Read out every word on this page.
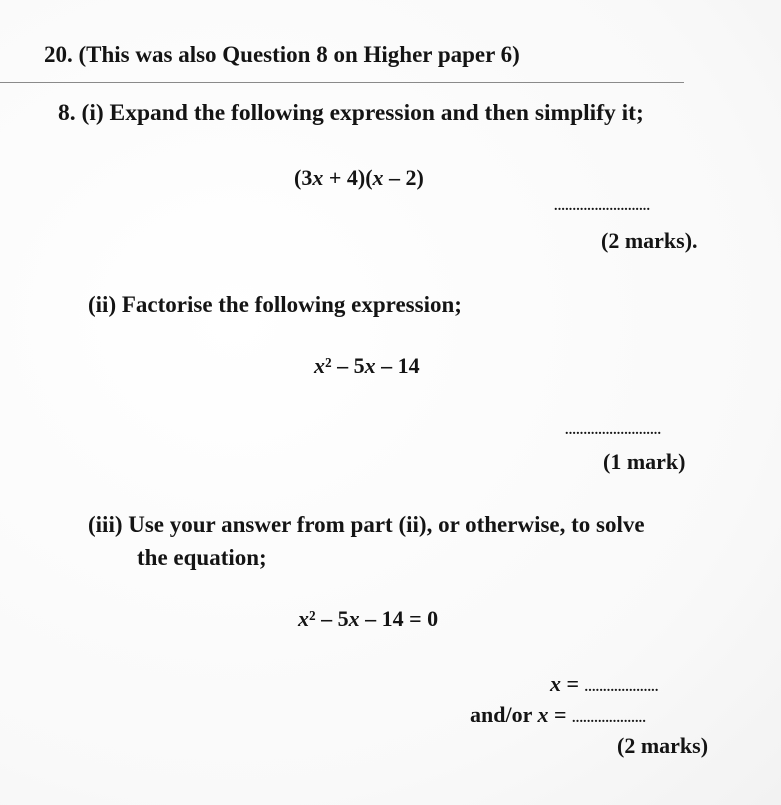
20. (This was also Question 8 on Higher paper 6)
8. (i) Expand the following expression and then simplify it;
(3x + 4)(x – 2)
..........................
(2 marks).
(ii) Factorise the following expression;
x² – 5x – 14
..........................
(1 mark)
(iii) Use your answer from part (ii), or otherwise, to solve
the equation;
x² – 5x – 14 = 0
x = ....................
and/or x = ....................
(2 marks)
